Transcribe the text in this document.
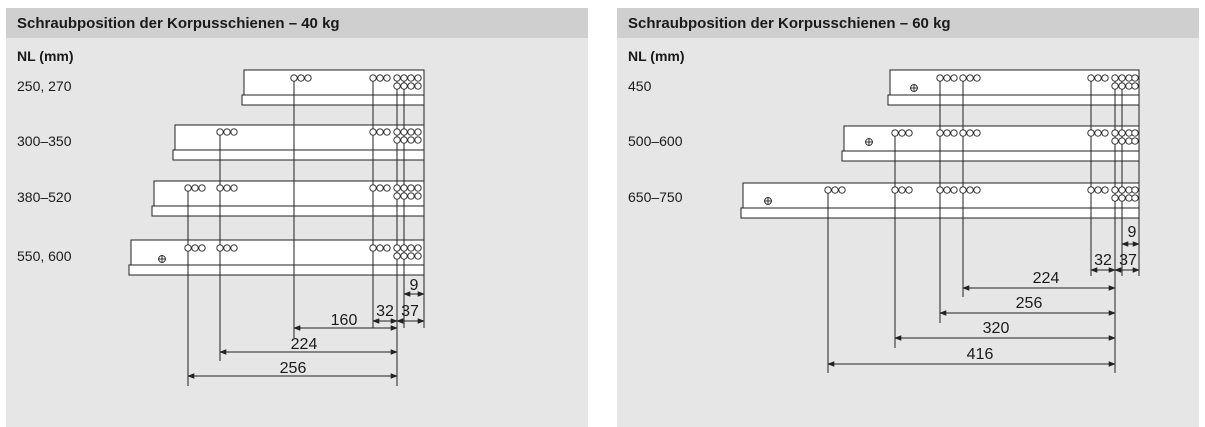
Schraubposition der Korpusschienen – 40 kg
NL (mm)
250, 270
300–350
380–520
550, 600
9
32 37
160
224
256
Schraubposition der Korpusschienen – 60 kg
NL (mm)
450
500–600
650–750
9
32 37
224
256
320
416
